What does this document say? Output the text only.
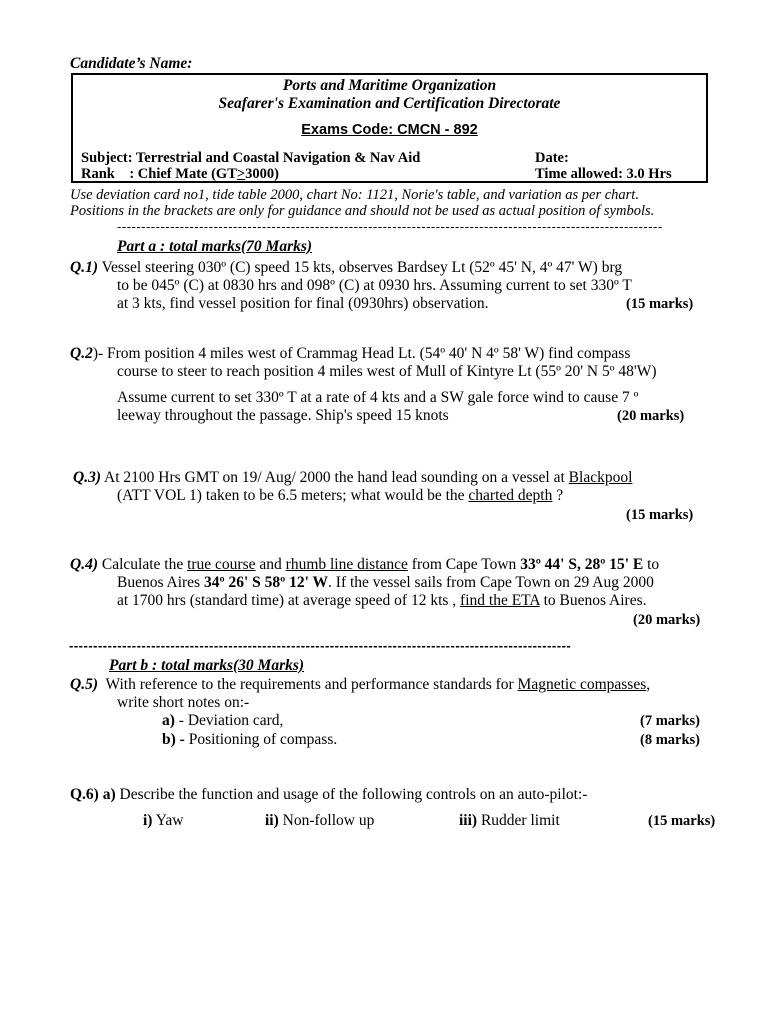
Candidate’s Name:
Ports and Maritime Organization
Seafarer's Examination and Certification Directorate
Exams Code: CMCN - 892
Subject: Terrestrial and Coastal Navigation & Nav Aid	Date:
Rank    : Chief Mate (GT>3000)	Time allowed: 3.0 Hrs
Use deviation card no1, tide table 2000, chart No: 1121, Norie's table, and variation as per chart.
Positions in the brackets are only for guidance and should not be used as actual position of symbols.
-----------------------------------------------------------------------------------------------------------------
Part a : total marks(70 Marks)
Q.1) Vessel steering 030º (C) speed 15 kts, observes Bardsey Lt (52º 45' N, 4º 47' W) brg
to be 045º (C) at 0830 hrs and 098º (C) at 0930 hrs. Assuming current to set 330º T
at 3 kts, find vessel position for final (0930hrs) observation.	(15 marks)
Q.2)- From position 4 miles west of Crammag Head Lt. (54º 40' N 4º 58' W) find compass
course to steer to reach position 4 miles west of Mull of Kintyre Lt (55º 20' N 5º 48'W)
Assume current to set 330º T at a rate of 4 kts and a SW gale force wind to cause 7 º
leeway throughout the passage. Ship's speed 15 knots	(20 marks)
Q.3) At 2100 Hrs GMT on 19/ Aug/ 2000 the hand lead sounding on a vessel at Blackpool
(ATT VOL 1) taken to be 6.5 meters; what would be the charted depth ?
(15 marks)
Q.4) Calculate the true course and rhumb line distance from Cape Town 33º 44' S, 28º 15' E to
Buenos Aires 34º 26' S 58º 12' W. If the vessel sails from Cape Town on 29 Aug 2000
at 1700 hrs (standard time) at average speed of 12 kts , find the ETA to Buenos Aires.
(20 marks)
--------------------------------------------------------------------------------------------------------
Part b : total marks(30 Marks)
Q.5)  With reference to the requirements and performance standards for Magnetic compasses,
write short notes on:-
a) - Deviation card,	(7 marks)
b) - Positioning of compass.	(8 marks)
Q.6) a) Describe the function and usage of the following controls on an auto-pilot:-
i) Yaw	ii) Non-follow up	iii) Rudder limit	(15 marks)
